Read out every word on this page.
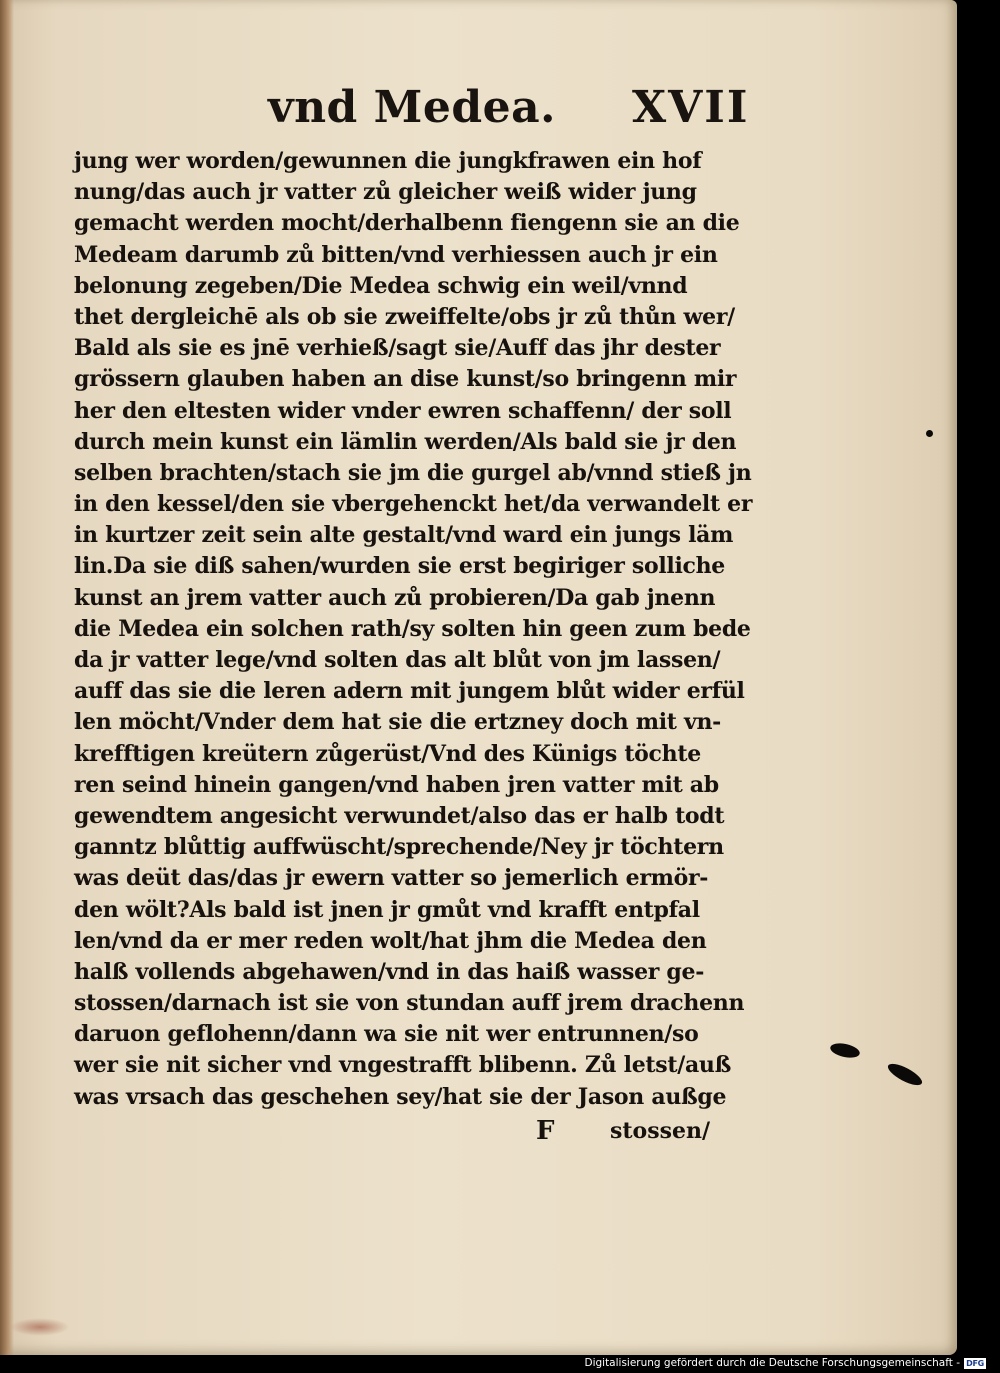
vnd Medea. XVII
jung wer worden/gewunnen die jungkfrawen ein hof
nung/das auch jr vatter zů gleicher weiß wider jung
gemacht werden mocht/derhalbenn fiengenn sie an die
Medeam darumb zů bitten/vnd verhiessen auch jr ein
belonung zegeben/Die Medea schwig ein weil/vnnd
thet dergleichē als ob sie zweiffelte/obs jr zů thůn wer/
Bald als sie es jnē verhieß/sagt sie/Auff das jhr dester
grössern glauben haben an dise kunst/so bringenn mir
her den eltesten wider vnder ewren schaffenn/ der soll
durch mein kunst ein lämlin werden/Als bald sie jr den
selben brachten/stach sie jm die gurgel ab/vnnd stieß jn
in den kessel/den sie vbergehenckt het/da verwandelt er
in kurtzer zeit sein alte gestalt/vnd ward ein jungs läm
lin.Da sie diß sahen/wurden sie erst begiriger solliche
kunst an jrem vatter auch zů probieren/Da gab jnenn
die Medea ein solchen rath/sy solten hin geen zum bede
da jr vatter lege/vnd solten das alt blůt von jm lassen/
auff das sie die leren adern mit jungem blůt wider erfül
len möcht/Vnder dem hat sie die ertzney doch mit vn-
krefftigen kreütern zůgerüst/Vnd des Künigs töchte
ren seind hinein gangen/vnd haben jren vatter mit ab
gewendtem angesicht verwundet/also das er halb todt
ganntz blůttig auffwüscht/sprechende/Ney jr töchtern
was deüt das/das jr ewern vatter so jemerlich ermör-
den wölt?Als bald ist jnen jr gmůt vnd krafft entpfal
len/vnd da er mer reden wolt/hat jhm die Medea den
halß vollends abgehawen/vnd in das haiß wasser ge-
stossen/darnach ist sie von stundan auff jrem drachenn
daruon geflohenn/dann wa sie nit wer entrunnen/so
wer sie nit sicher vnd vngestrafft blibenn. Zů letst/auß
was vrsach das geschehen sey/hat sie der Jason außge
F	stossen/
Digitalisierung gefördert durch die Deutsche Forschungsgemeinschaft - DFG
